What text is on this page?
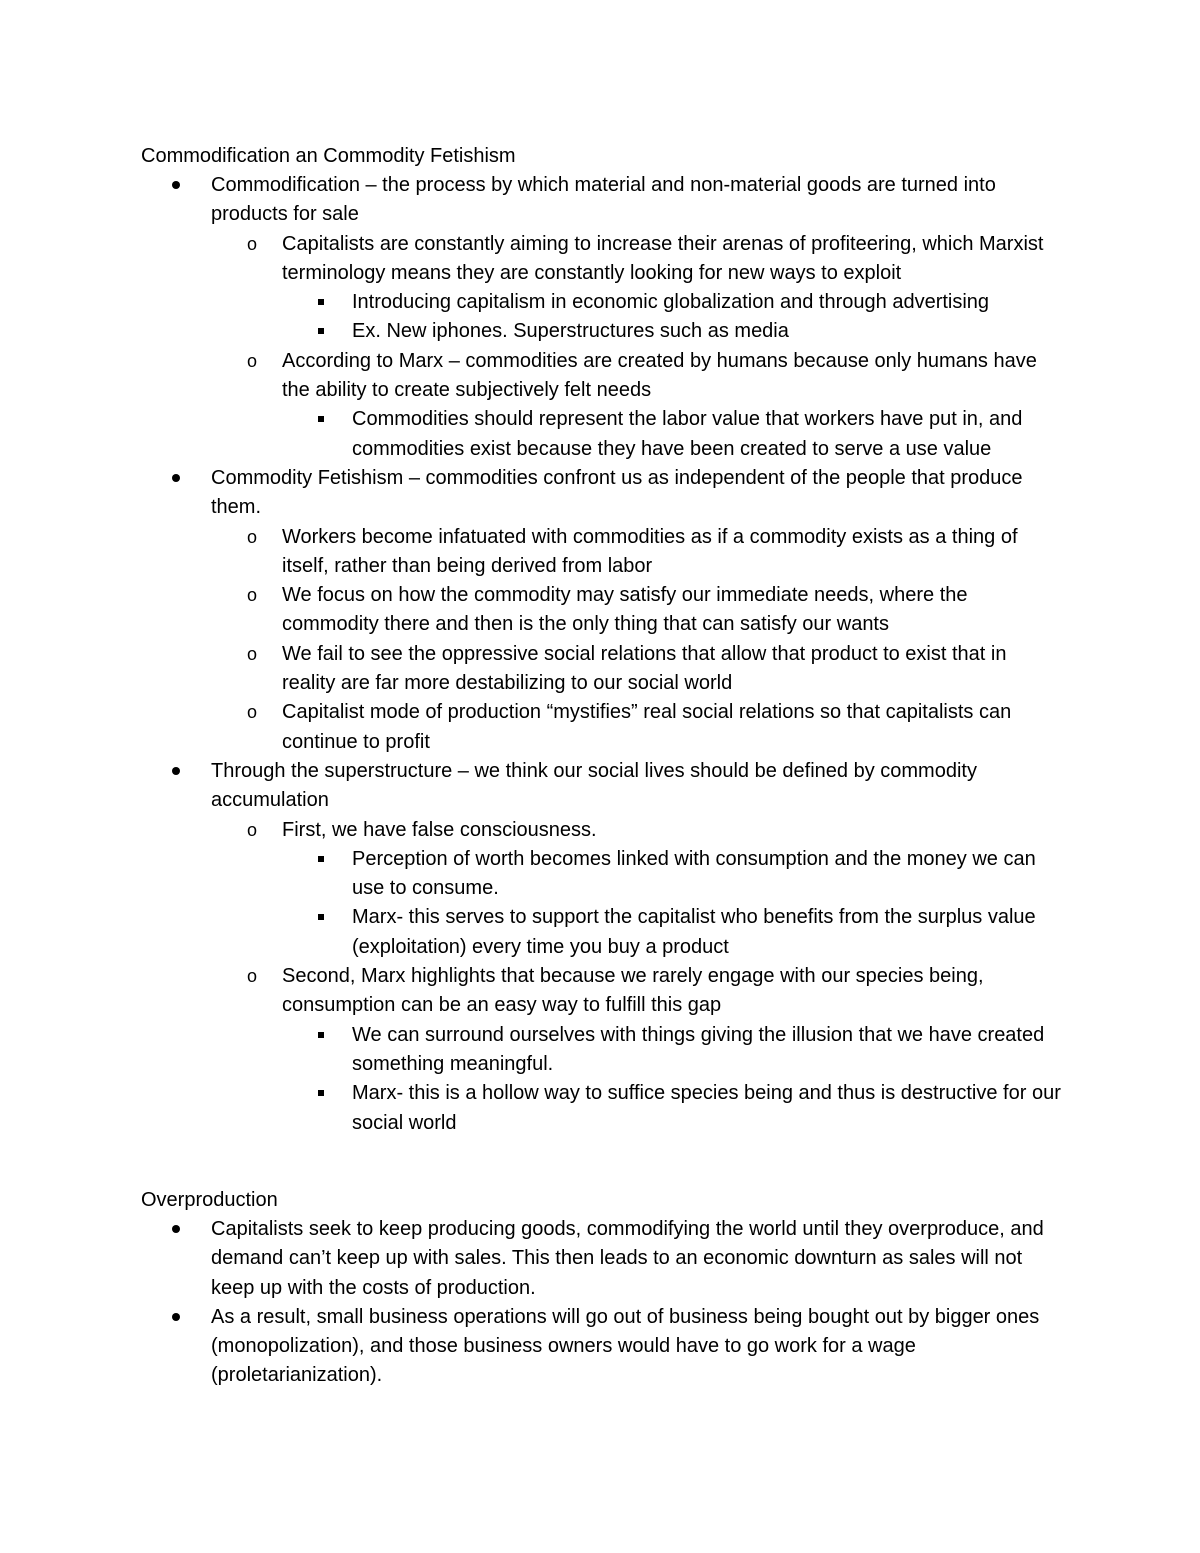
Commodification an Commodity Fetishism
Commodification – the process by which material and non-material goods are turned into products for sale
o Capitalists are constantly aiming to increase their arenas of profiteering, which Marxist terminology means they are constantly looking for new ways to exploit
Introducing capitalism in economic globalization and through advertising
Ex. New iphones. Superstructures such as media
o According to Marx – commodities are created by humans because only humans have the ability to create subjectively felt needs
Commodities should represent the labor value that workers have put in, and commodities exist because they have been created to serve a use value
Commodity Fetishism – commodities confront us as independent of the people that produce them.
o Workers become infatuated with commodities as if a commodity exists as a thing of itself, rather than being derived from labor
o We focus on how the commodity may satisfy our immediate needs, where the commodity there and then is the only thing that can satisfy our wants
o We fail to see the oppressive social relations that allow that product to exist that in reality are far more destabilizing to our social world
o Capitalist mode of production “mystifies” real social relations so that capitalists can continue to profit
Through the superstructure – we think our social lives should be defined by commodity accumulation
o First, we have false consciousness.
Perception of worth becomes linked with consumption and the money we can use to consume.
Marx- this serves to support the capitalist who benefits from the surplus value (exploitation) every time you buy a product
o Second, Marx highlights that because we rarely engage with our species being, consumption can be an easy way to fulfill this gap
We can surround ourselves with things giving the illusion that we have created something meaningful.
Marx- this is a hollow way to suffice species being and thus is destructive for our social world
Overproduction
Capitalists seek to keep producing goods, commodifying the world until they overproduce, and demand can’t keep up with sales. This then leads to an economic downturn as sales will not keep up with the costs of production.
As a result, small business operations will go out of business being bought out by bigger ones (monopolization), and those business owners would have to go work for a wage (proletarianization).
